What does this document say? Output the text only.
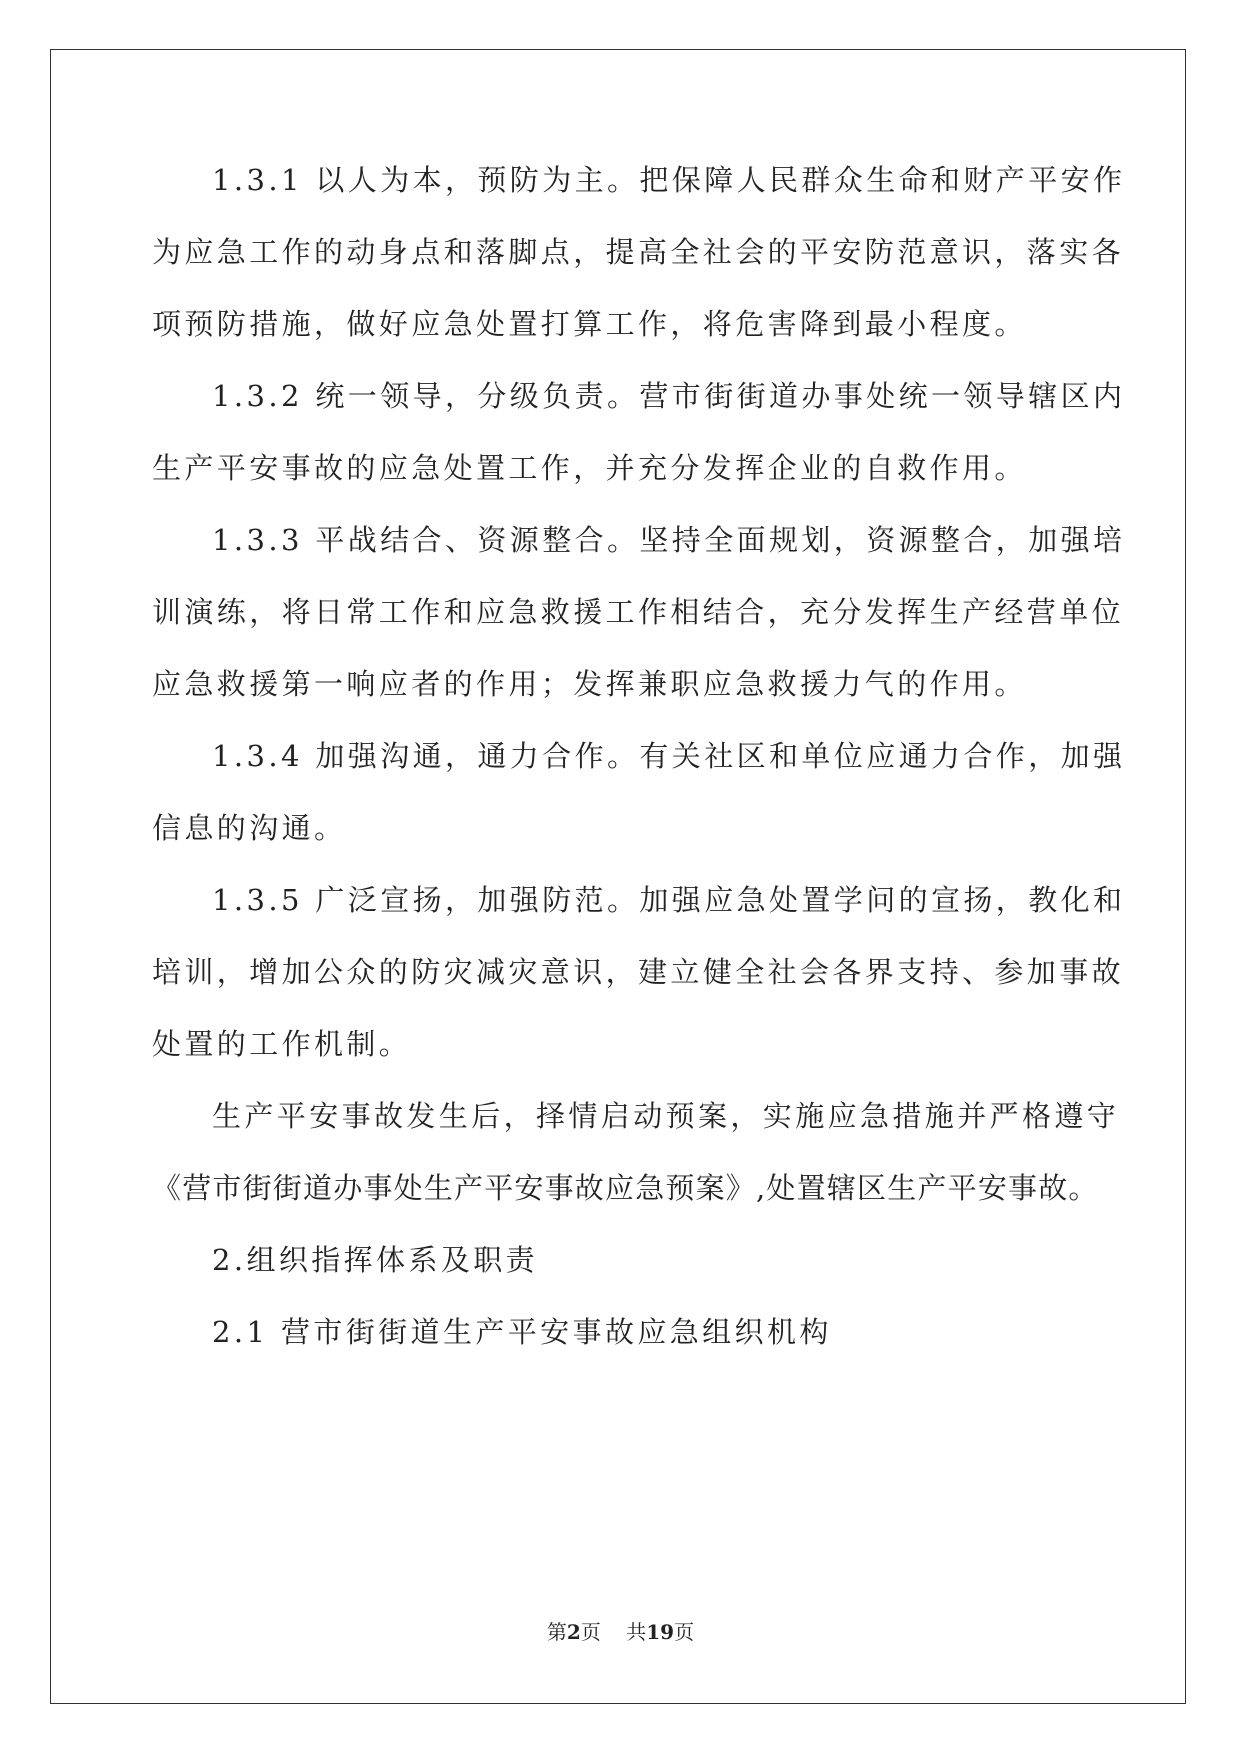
1.3.1 以人为本，预防为主。把保障人民群众生命和财产平安作
为应急工作的动身点和落脚点，提高全社会的平安防范意识，落实各
项预防措施，做好应急处置打算工作，将危害降到最小程度。
1.3.2 统一领导，分级负责。营市街街道办事处统一领导辖区内
生产平安事故的应急处置工作，并充分发挥企业的自救作用。
1.3.3 平战结合、资源整合。坚持全面规划，资源整合，加强培
训演练，将日常工作和应急救援工作相结合，充分发挥生产经营单位
应急救援第一响应者的作用；发挥兼职应急救援力气的作用。
1.3.4 加强沟通，通力合作。有关社区和单位应通力合作，加强
信息的沟通。
1.3.5 广泛宣扬，加强防范。加强应急处置学问的宣扬，教化和
培训，增加公众的防灾减灾意识，建立健全社会各界支持、参加事故
处置的工作机制。
生产平安事故发生后，择情启动预案，实施应急措施并严格遵守
《营市街街道办事处生产平安事故应急预案》,处置辖区生产平安事故。
2.组织指挥体系及职责
2.1 营市街街道生产平安事故应急组织机构
第2页 共19页
